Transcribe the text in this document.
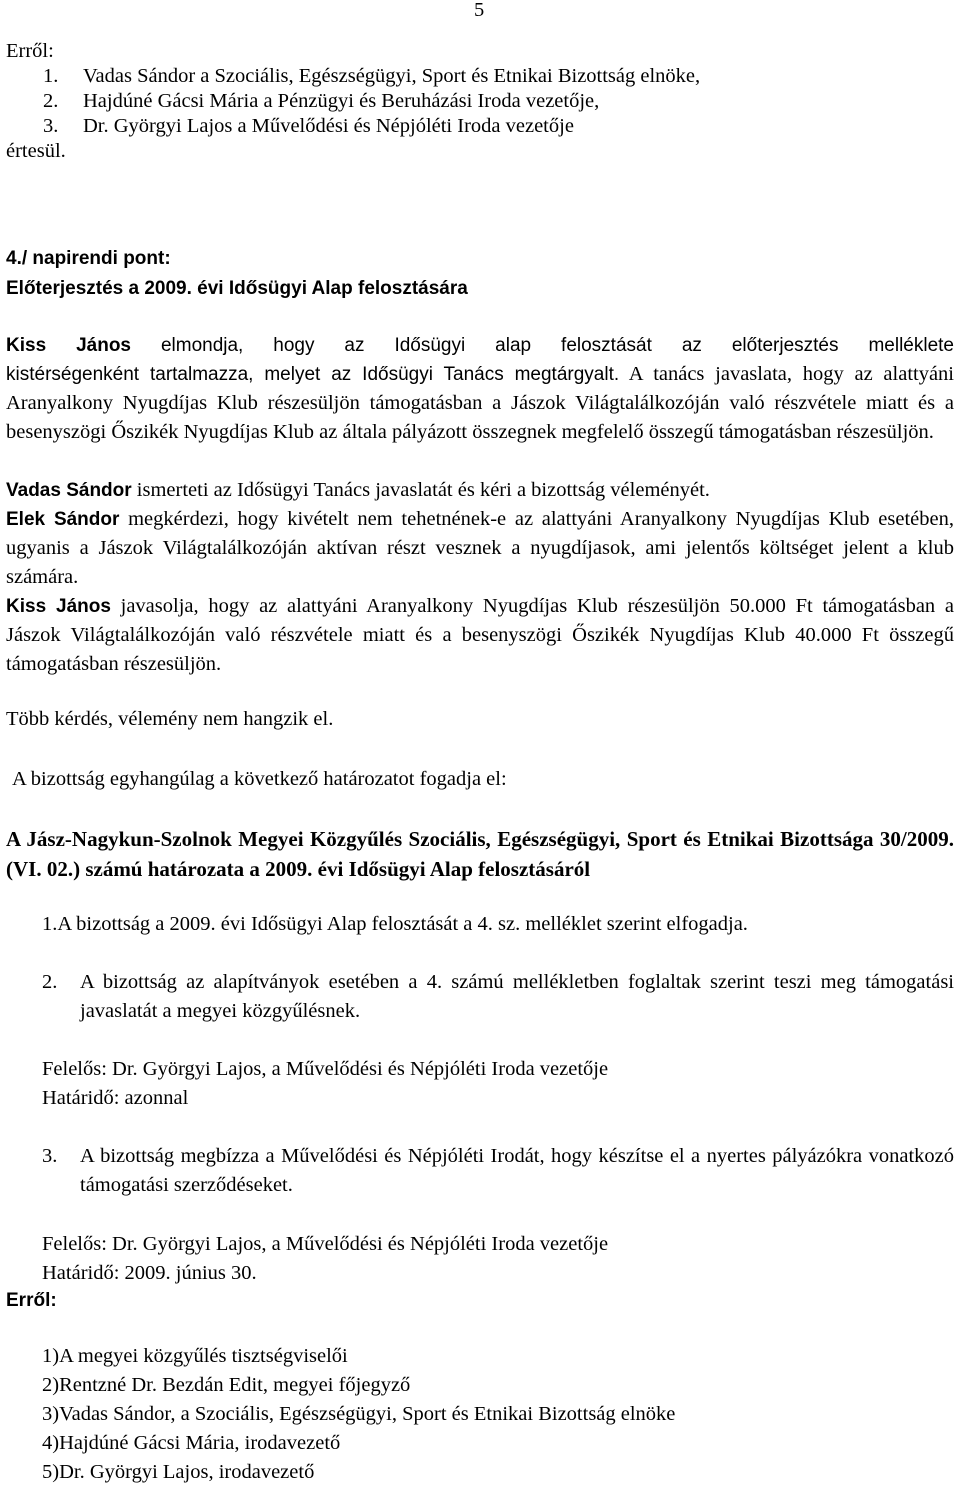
5
Erről:
1.	Vadas Sándor a Szociális, Egészségügyi, Sport és Etnikai Bizottság elnöke,
2.	Hajdúné Gácsi Mária a Pénzügyi és Beruházási Iroda vezetője,
3.	Dr. Györgyi Lajos a Művelődési és Népjóléti Iroda vezetője
értesül.
4./ napirendi pont:
Előterjesztés a 2009. évi Idősügyi Alap felosztására
Kiss János elmondja, hogy az Idősügyi alap felosztását az előterjesztés melléklete
kistérségenként tartalmazza, melyet az Idősügyi Tanács megtárgyalt. A tanács javaslata, hogy az alattyáni Aranyalkony Nyugdíjas Klub részesüljön támogatásban a Jászok Világtalálkozóján való részvétele miatt és a besenyszögi Őszikék Nyugdíjas Klub az általa pályázott összegnek megfelelő összegű támogatásban részesüljön.
Vadas Sándor ismerteti az Idősügyi Tanács javaslatát és kéri a bizottság véleményét.
Elek Sándor megkérdezi, hogy kivételt nem tehetnének-e az alattyáni Aranyalkony Nyugdíjas Klub esetében, ugyanis a Jászok Világtalálkozóján aktívan részt vesznek a nyugdíjasok, ami jelentős költséget jelent a klub számára.
Kiss János javasolja, hogy az alattyáni Aranyalkony Nyugdíjas Klub részesüljön 50.000 Ft támogatásban a Jászok Világtalálkozóján való részvétele miatt és a besenyszögi Őszikék Nyugdíjas Klub 40.000 Ft összegű támogatásban részesüljön.
Több kérdés, vélemény nem hangzik el.
A bizottság egyhangúlag a következő határozatot fogadja el:
A Jász-Nagykun-Szolnok Megyei Közgyűlés Szociális, Egészségügyi, Sport és Etnikai Bizottsága 30/2009. (VI. 02.) számú határozata a 2009. évi Idősügyi Alap felosztásáról
1.A bizottság a 2009. évi Idősügyi Alap felosztását a 4. sz. melléklet szerint elfogadja.
2.	A bizottság az alapítványok esetében a 4. számú mellékletben foglaltak szerint teszi meg támogatási javaslatát a megyei közgyűlésnek.
Felelős: Dr. Györgyi Lajos, a Művelődési és Népjóléti Iroda vezetője
Határidő: azonnal
3.	A bizottság megbízza a Művelődési és Népjóléti Irodát, hogy készítse el a nyertes pályázókra vonatkozó támogatási szerződéseket.
Felelős: Dr. Györgyi Lajos, a Művelődési és Népjóléti Iroda vezetője
Határidő: 2009. június 30.
Erről:
1)A megyei közgyűlés tisztségviselői
2)Rentzné Dr. Bezdán Edit, megyei főjegyző
3)Vadas Sándor, a Szociális, Egészségügyi, Sport és Etnikai Bizottság elnöke
4)Hajdúné Gácsi Mária, irodavezető
5)Dr. Györgyi Lajos, irodavezető
